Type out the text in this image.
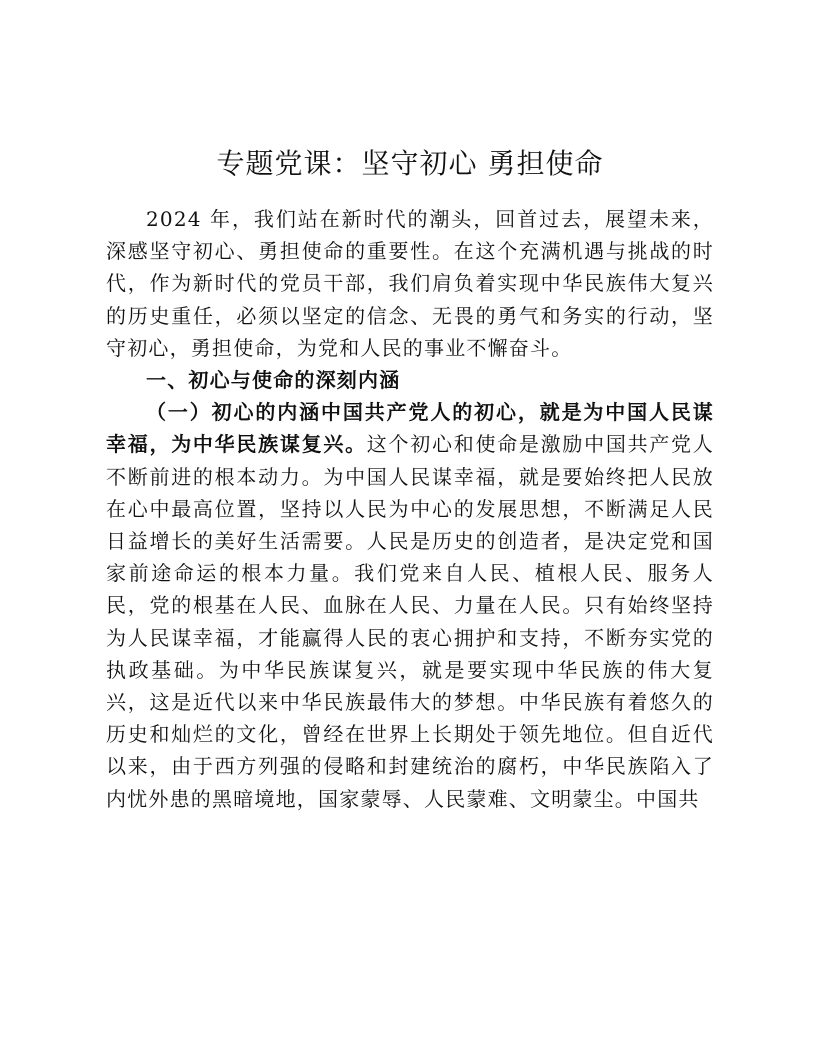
专题党课：坚守初心 勇担使命

2024 年，我们站在新时代的潮头，回首过去，展望未来，深感坚守初心、勇担使命的重要性。在这个充满机遇与挑战的时代，作为新时代的党员干部，我们肩负着实现中华民族伟大复兴的历史重任，必须以坚定的信念、无畏的勇气和务实的行动，坚守初心，勇担使命，为党和人民的事业不懈奋斗。

一、初心与使命的深刻内涵

（一）初心的内涵中国共产党人的初心，就是为中国人民谋幸福，为中华民族谋复兴。这个初心和使命是激励中国共产党人不断前进的根本动力。为中国人民谋幸福，就是要始终把人民放在心中最高位置，坚持以人民为中心的发展思想，不断满足人民日益增长的美好生活需要。人民是历史的创造者，是决定党和国家前途命运的根本力量。我们党来自人民、植根人民、服务人民，党的根基在人民、血脉在人民、力量在人民。只有始终坚持为人民谋幸福，才能赢得人民的衷心拥护和支持，不断夯实党的执政基础。为中华民族谋复兴，就是要实现中华民族的伟大复兴，这是近代以来中华民族最伟大的梦想。中华民族有着悠久的历史和灿烂的文化，曾经在世界上长期处于领先地位。但自近代以来，由于西方列强的侵略和封建统治的腐朽，中华民族陷入了内忧外患的黑暗境地，国家蒙辱、人民蒙难、文明蒙尘。中国共
